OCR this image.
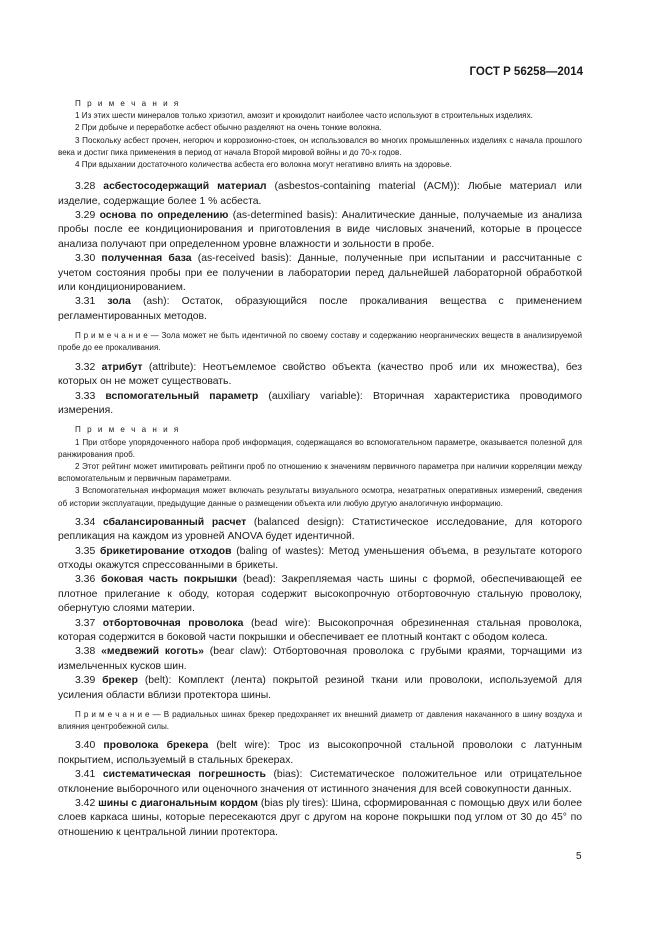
ГОСТ Р 56258—2014

П р и м е ч а н и я

1 Из этих шести минералов только хризотил, амозит и крокидолит наиболее часто используют в строительных изделиях.

2 При добыче и переработке асбест обычно разделяют на очень тонкие волокна.

3 Поскольку асбест прочен, негорюч и коррозионно-стоек, он использовался во многих промышленных изделиях с начала прошлого века и достиг пика применения в период от начала Второй мировой войны и до 70-х годов.

4 При вдыхании достаточного количества асбеста его волокна могут негативно влиять на здоровье.

3.28 асбестосодержащий материал (asbestos-containing material (ACM)): Любые материал или изделие, содержащие более 1 % асбеста.

3.29 основа по определению (as-determined basis): Аналитические данные, получаемые из анализа пробы после ее кондиционирования и приготовления в виде числовых значений, которые в процессе анализа получают при определенном уровне влажности и зольности в пробе.

3.30 полученная база (as-received basis): Данные, полученные при испытании и рассчитанные с учетом состояния пробы при ее получении в лаборатории перед дальнейшей лабораторной обработкой или кондиционированием.

3.31 зола (ash): Остаток, образующийся после прокаливания вещества с применением регламентированных методов.

П р и м е ч а н и е — Зола может не быть идентичной по своему составу и содержанию неорганических веществ в анализируемой пробе до ее прокаливания.

3.32 атрибут (attribute): Неотъемлемое свойство объекта (качество проб или их множества), без которых он не может существовать.

3.33 вспомогательный параметр (auxiliary variable): Вторичная характеристика проводимого измерения.

П р и м е ч а н и я

1 При отборе упорядоченного набора проб информация, содержащаяся во вспомогательном параметре, оказывается полезной для ранжирования проб.

2 Этот рейтинг может имитировать рейтинги проб по отношению к значениям первичного параметра при наличии корреляции между вспомогательным и первичным параметрами.

3 Вспомогательная информация может включать результаты визуального осмотра, незатратных оперативных измерений, сведения об истории эксплуатации, предыдущие данные о размещении объекта или любую другую аналогичную информацию.

3.34 сбалансированный расчет (balanced design): Статистическое исследование, для которого репликация на каждом из уровней ANOVA будет идентичной.

3.35 брикетирование отходов (baling of wastes): Метод уменьшения объема, в результате которого отходы окажутся спрессованными в брикеты.

3.36 боковая часть покрышки (bead): Закрепляемая часть шины с формой, обеспечивающей ее плотное прилегание к ободу, которая содержит высокопрочную отбортовочную стальную проволоку, обернутую слоями материи.

3.37 отбортовочная проволока (bead wire): Высокопрочная обрезиненная стальная проволока, которая содержится в боковой части покрышки и обеспечивает ее плотный контакт с ободом колеса.

3.38 «медвежий коготь» (bear claw): Отбортовочная проволока с грубыми краями, торчащими из измельченных кусков шин.

3.39 брекер (belt): Комплект (лента) покрытой резиной ткани или проволоки, используемой для усиления области вблизи протектора шины.

П р и м е ч а н и е — В радиальных шинах брекер предохраняет их внешний диаметр от давления накачанного в шину воздуха и влияния центробежной силы.

3.40 проволока брекера (belt wire): Трос из высокопрочной стальной проволоки с латунным покрытием, используемый в стальных брекерах.

3.41 систематическая погрешность (bias): Систематическое положительное или отрицательное отклонение выборочного или оценочного значения от истинного значения для всей совокупности данных.

3.42 шины с диагональным кордом (bias ply tires): Шина, сформированная с помощью двух или более слоев каркаса шины, которые пересекаются друг с другом на короне покрышки под углом от 30 до 45° по отношению к центральной линии протектора.

5
